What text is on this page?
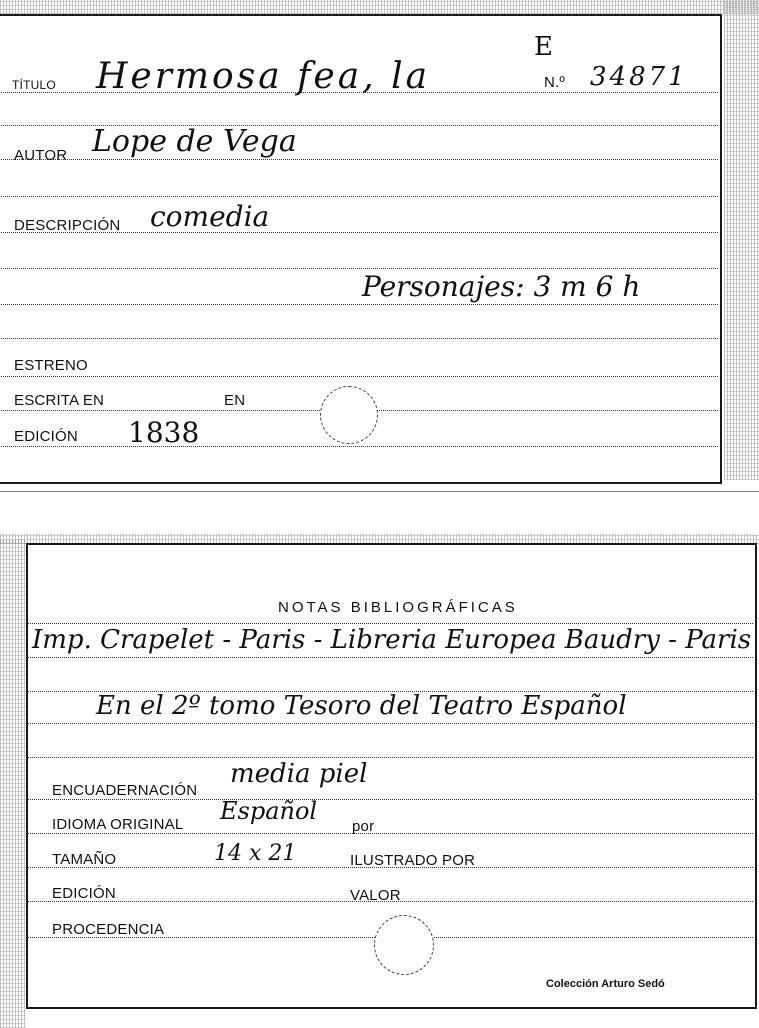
TÍTULO Hermosa fea, la	N.º 34871
E
AUTOR Lope de Vega
DESCRIPCIÓN comedia
Personajes: 3 m 6 h
ESTRENO
ESCRITA EN	EN
EDICIÓN 1838
NOTAS BIBLIOGRÁFICAS
Imp. Crapelet - Paris - Libreria Europea Baudry - Paris
En el 2º tomo Tesoro del Teatro Español
ENCUADERNACIÓN
media piel
IDIOMA ORIGINAL Español
por
TAMAÑO	14 x 21	ILUSTRADO POR
EDICIÓN	VALOR
PROCEDENCIA
Colección Arturo Sedó
